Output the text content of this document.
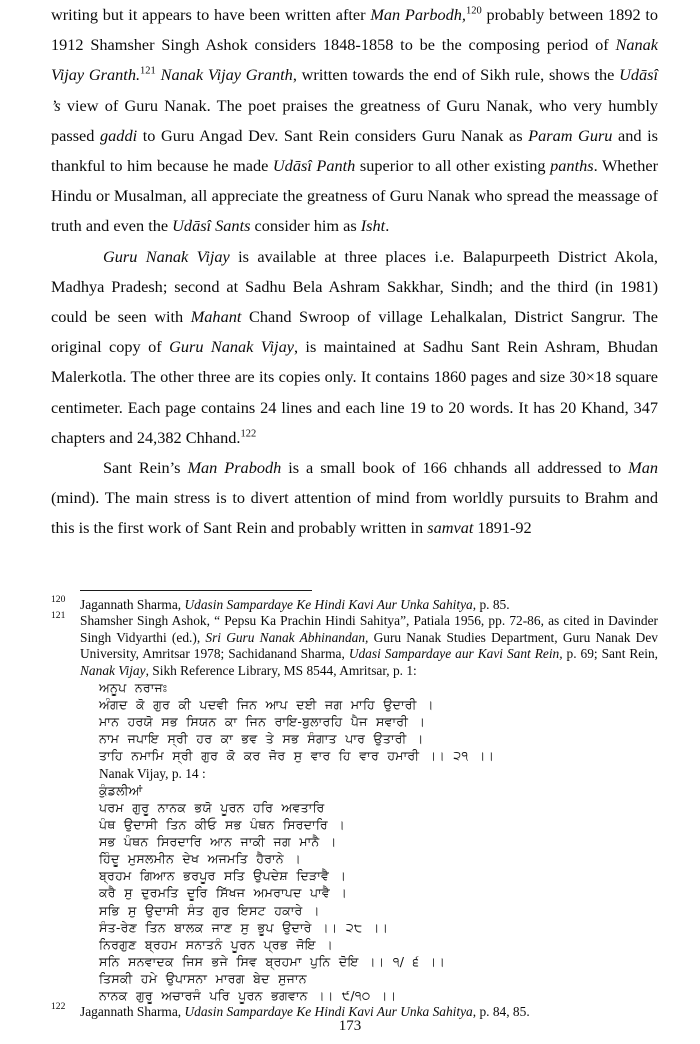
writing but it appears to have been written after Man Parbodh,$^{120}$ probably between 1892 to 1912 Shamsher Singh Ashok considers 1848-1858 to be the composing period of Nanak Vijay Granth.$^{121}$ Nanak Vijay Granth, written towards the end of Sikh rule, shows the Udāsî ’s view of Guru Nanak. The poet praises the greatness of Guru Nanak, who very humbly passed gaddi to Guru Angad Dev. Sant Rein considers Guru Nanak as Param Guru and is thankful to him because he made Udāsî Panth superior to all other existing panths. Whether Hindu or Musalman, all appreciate the greatness of Guru Nanak who spread the meassage of truth and even the Udāsî Sants consider him as Isht.

Guru Nanak Vijay is available at three places i.e. Balapurpeeth District Akola, Madhya Pradesh; second at Sadhu Bela Ashram Sakkhar, Sindh; and the third (in 1981) could be seen with Mahant Chand Swroop of village Lehalkalan, District Sangrur. The original copy of Guru Nanak Vijay, is maintained at Sadhu Sant Rein Ashram, Bhudan Malerkotla. The other three are its copies only. It contains 1860 pages and size 30×18 square centimeter. Each page contains 24 lines and each line 19 to 20 words. It has 20 Khand, 347 chapters and 24,382 Chhand.$^{122}$

Sant Rein’s Man Prabodh is a small book of 166 chhands all addressed to Man (mind). The main stress is to divert attention of mind from worldly pursuits to Brahm and this is the first work of Sant Rein and probably written in samvat 1891-92

120 Jagannath Sharma, Udasin Sampardaye Ke Hindi Kavi Aur Unka Sahitya, p. 85.
121 Shamsher Singh Ashok, “ Pepsu Ka Prachin Hindi Sahitya”, Patiala 1956, pp. 72-86, as cited in Davinder Singh Vidyarthi (ed.), Sri Guru Nanak Abhinandan, Guru Nanak Studies Department, Guru Nanak Dev University, Amritsar 1978; Sachidanand Sharma, Udasi Sampardaye aur Kavi Sant Rein, p. 69; Sant Rein, Nanak Vijay, Sikh Reference Library, MS 8544, Amritsar, p. 1:
ਅਨੂਪ  ਨਰਾਜਃ
ਅੰਗਦ  ਕੋ  ਗੁਰ  ਕੀ  ਪਦਵੀ  ਜਿਨ  ਆਪ  ਦਈ  ਜਗ  ਮਾਹਿ  ਉਦਾਰੀ  ।
ਮਾਨ  ਹਰਯੋ  ਸਭ  ਸਿਯਨ  ਕਾ  ਜਿਨ  ਰਾਇ-ਬੁਲਾਰਹਿ  ਪੈਜ  ਸਵਾਰੀ  ।
ਨਾਮ  ਜਪਾਇ  ਸ੍ਰੀ  ਹਰ  ਕਾ  ਭਵ  ਤੇ  ਸਭ  ਸੰਗਾਤ  ਪਾਰ  ਉਤਾਰੀ  ।
ਤਾਹਿ  ਨਮਾਮਿ  ਸ੍ਰੀ  ਗੁਰ  ਕੋ  ਕਰ  ਜੋਰ  ਸੁ  ਵਾਰ  ਹਿ  ਵਾਰ  ਹਮਾਰੀ  ।।  ੨੧  ।।
Nanak Vijay, p. 14 :
ਕੁੰਡਲੀਆਂ
ਪਰਮ  ਗੁਰੂ  ਨਾਨਕ  ਭਯੋ  ਪੂਰਨ  ਹਰਿ  ਅਵਤਾਰਿ
ਪੰਥ  ਉਦਾਸੀ  ਤਿਨ  ਕੀਓ  ਸਭ  ਪੰਥਨ  ਸਿਰਦਾਰਿ  ।
ਸਭ  ਪੰਥਨ  ਸਿਰਦਾਰਿ  ਆਨ  ਜਾਕੀ  ਜਗ  ਮਾਨੈ  ।
ਹਿੰਦੂ  ਮੁਸਲਮੀਨ  ਦੇਖ  ਅਜਮਤਿ  ਹੈਰਾਨੇ  ।
ਬ੍ਰਹਮ  ਗਿਆਨ  ਭਰਪੂਰ  ਸਤਿ  ਉਪਦੇਸ਼  ਦਿੜਾਵੈ  ।
ਕਰੈ  ਸੁ  ਦੁਰਮਤਿ  ਦੂਰਿ  ਸਿੱਖਜ  ਅਮਰਾਪਦ  ਪਾਵੈ  ।
ਸਭਿ  ਸੁ  ਉਦਾਸੀ  ਸੰਤ  ਗੁਰ  ਇਸਟ  ਹਕਾਰੇ  ।
ਸੰਤ-ਰੇਣ  ਤਿਨ  ਬਾਲਕ  ਜਾਣ  ਸੁ  ਭੂਪ  ਉਦਾਰੇ  ।।  ੨੮  ।।
ਨਿਰਗੁਣ  ਬ੍ਰਹਮ  ਸਨਾਤਨੰ  ਪੂਰਨ  ਪ੍ਰਭ  ਜੋਇ  ।
ਸਨਿ  ਸਨਵਾਦਕ  ਜਿਸ  ਭਜੇ  ਸਿਵ  ਬ੍ਰਹਮਾ  ਪੁਨਿ  ਦੋਇ  ।।  ੧/  ੬  ।।
ਤਿਸਕੀ  ਹਮੇ  ਉਪਾਸਨਾ  ਮਾਰਗ  ਬੇਦ  ਸੁਜਾਨ
ਨਾਨਕ  ਗੁਰੂ  ਅਚਾਰਜੰ  ਪਰਿ  ਪੂਰਨ  ਭਗਵਾਨ  ।।  ੯/੧੦  ।।
122 Jagannath Sharma, Udasin Sampardaye Ke Hindi Kavi Aur Unka Sahitya, p. 84, 85.
173
